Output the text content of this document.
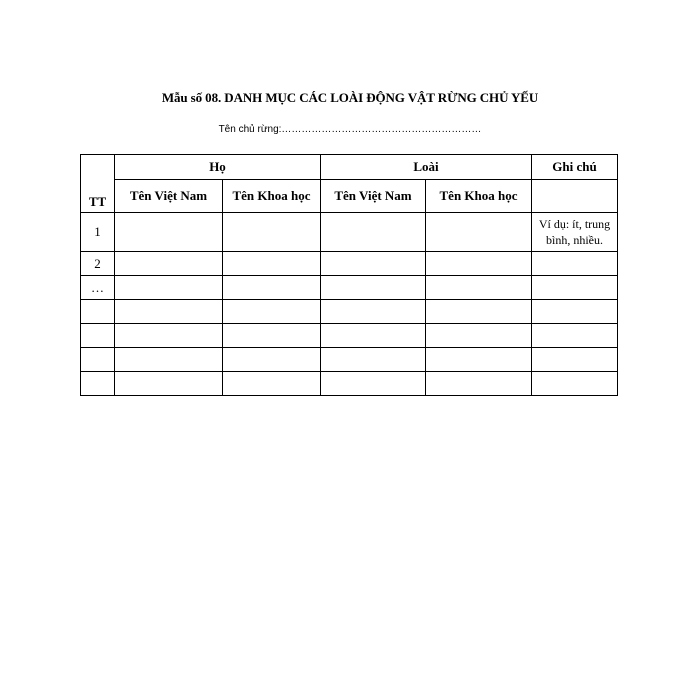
Mẫu số 08. DANH MỤC CÁC LOÀI ĐỘNG VẬT RỪNG CHỦ YẾU
Tên chủ rừng:……………………………………………………
TT	Họ		Loài		Ghi chú
	Tên Việt Nam	Tên Khoa học	Tên Việt Nam	Tên Khoa học	
1					Ví dụ: ít, trung bình, nhiều.
2					
…					
